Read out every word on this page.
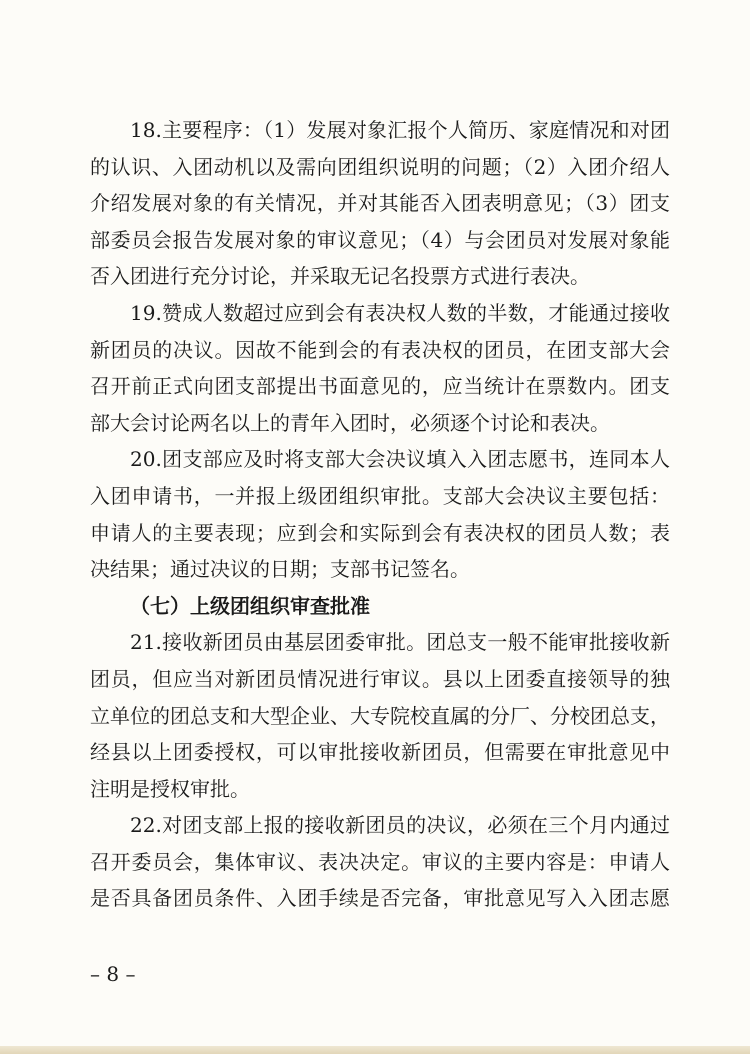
18.主要程序：（1）发展对象汇报个人简历、家庭情况和对团
的认识、入团动机以及需向团组织说明的问题；（2）入团介绍人
介绍发展对象的有关情况，并对其能否入团表明意见；（3）团支
部委员会报告发展对象的审议意见；（4）与会团员对发展对象能
否入团进行充分讨论，并采取无记名投票方式进行表决。
19.赞成人数超过应到会有表决权人数的半数，才能通过接收
新团员的决议。因故不能到会的有表决权的团员，在团支部大会
召开前正式向团支部提出书面意见的，应当统计在票数内。团支
部大会讨论两名以上的青年入团时，必须逐个讨论和表决。
20.团支部应及时将支部大会决议填入入团志愿书，连同本人
入团申请书，一并报上级团组织审批。支部大会决议主要包括：
申请人的主要表现；应到会和实际到会有表决权的团员人数；表
决结果；通过决议的日期；支部书记签名。
（七）上级团组织审查批准
21.接收新团员由基层团委审批。团总支一般不能审批接收新
团员，但应当对新团员情况进行审议。县以上团委直接领导的独
立单位的团总支和大型企业、大专院校直属的分厂、分校团总支，
经县以上团委授权，可以审批接收新团员，但需要在审批意见中
注明是授权审批。
22.对团支部上报的接收新团员的决议，必须在三个月内通过
召开委员会，集体审议、表决决定。审议的主要内容是：申请人
是否具备团员条件、入团手续是否完备，审批意见写入入团志愿
– 8 –
